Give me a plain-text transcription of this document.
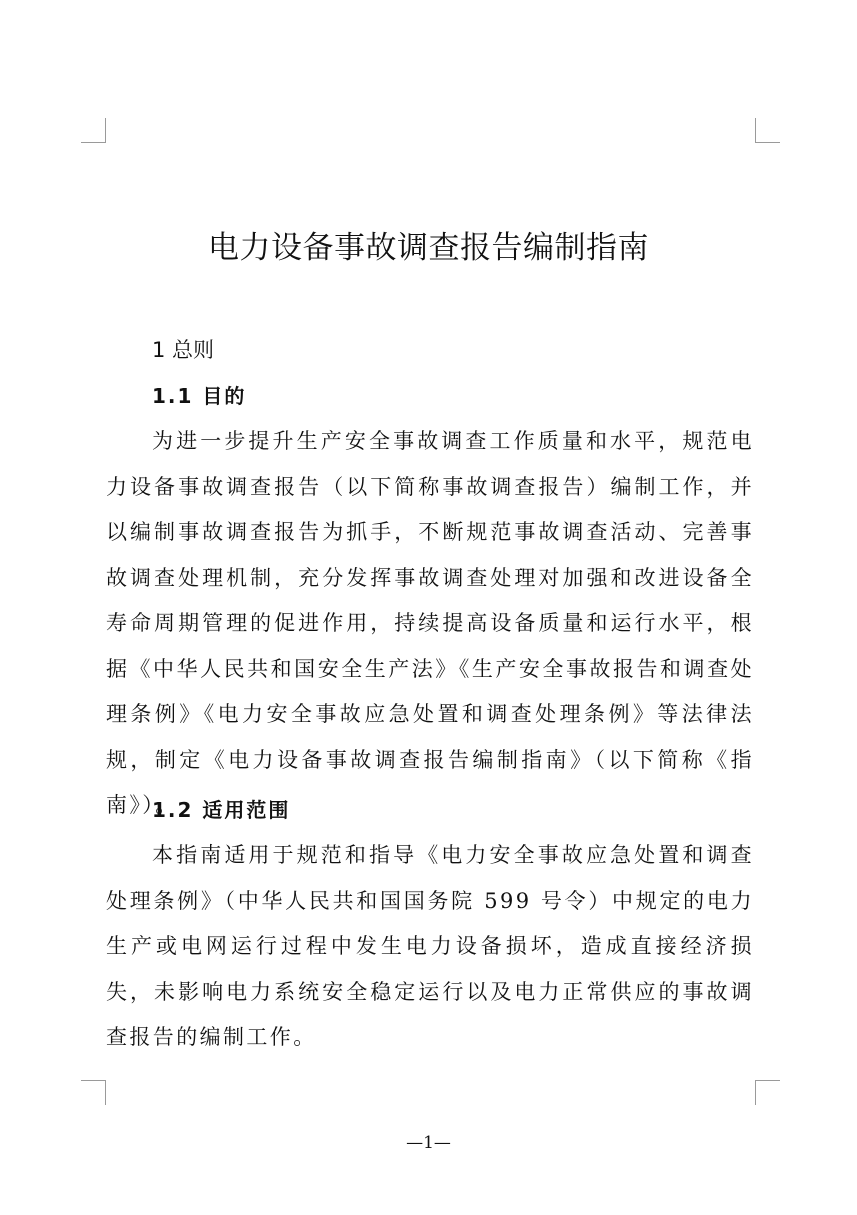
电力设备事故调查报告编制指南
1 总则
1.1 目的

为进一步提升生产安全事故调查工作质量和水平，规范电力设备事故调查报告（以下简称事故调查报告）编制工作，并以编制事故调查报告为抓手，不断规范事故调查活动、完善事故调查处理机制，充分发挥事故调查处理对加强和改进设备全寿命周期管理的促进作用，持续提高设备质量和运行水平，根据《中华人民共和国安全生产法》《生产安全事故报告和调查处理条例》《电力安全事故应急处置和调查处理条例》等法律法规，制定《电力设备事故调查报告编制指南》（以下简称《指南》）。

1.2 适用范围

本指南适用于规范和指导《电力安全事故应急处置和调查处理条例》（中华人民共和国国务院 599 号令）中规定的电力生产或电网运行过程中发生电力设备损坏，造成直接经济损失，未影响电力系统安全稳定运行以及电力正常供应的事故调查报告的编制工作。

—1—
